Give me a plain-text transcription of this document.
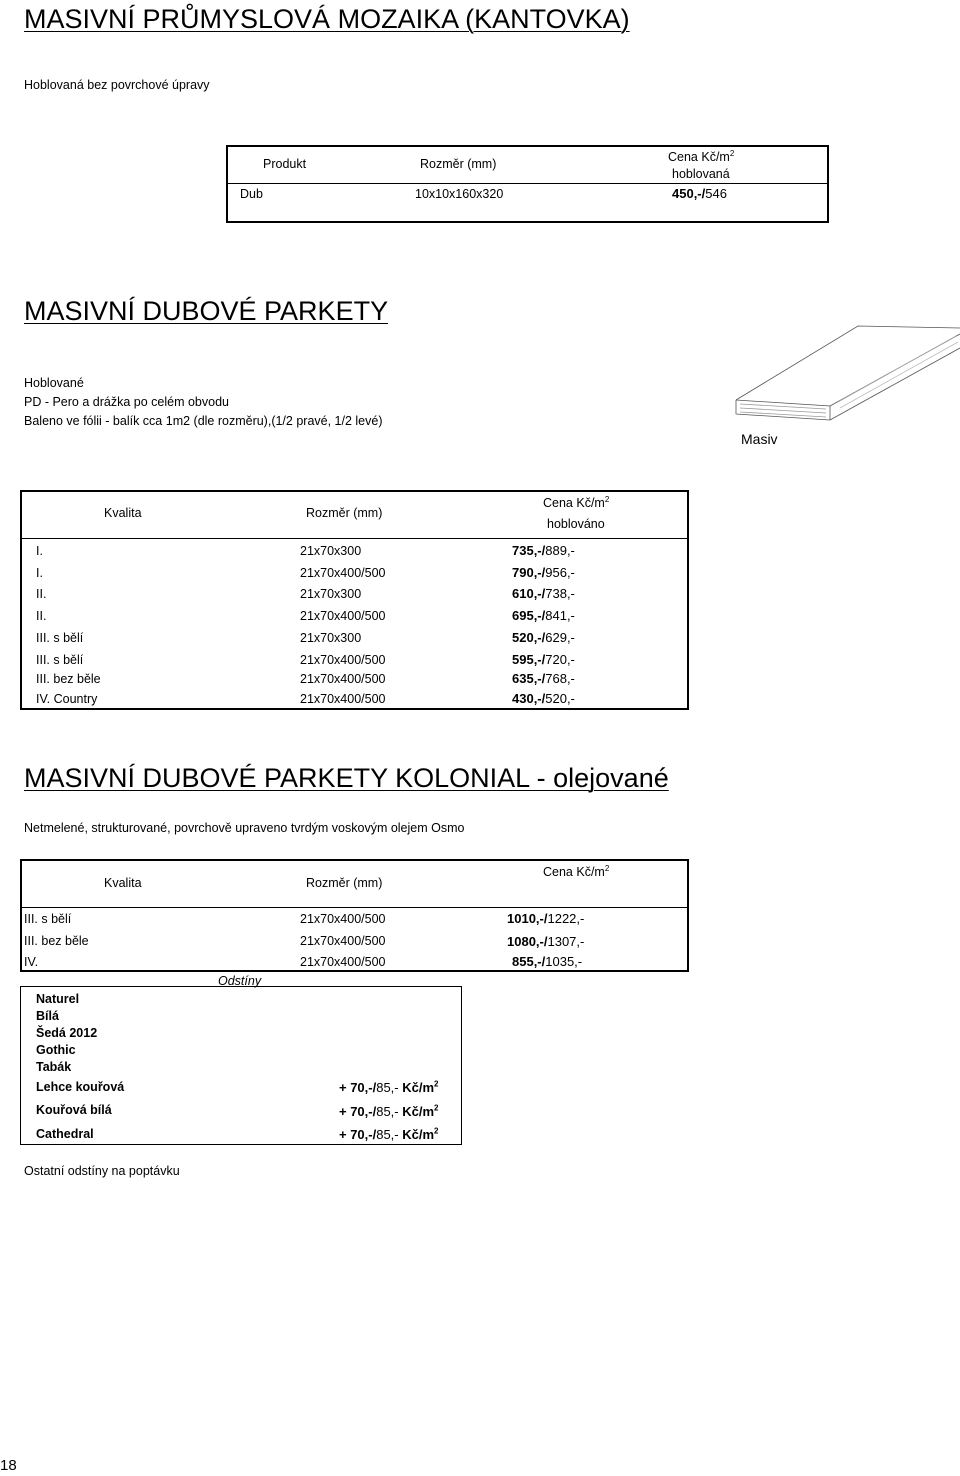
MASIVNÍ PRŮMYSLOVÁ MOZAIKA (KANTOVKA)
Hoblovaná bez povrchové úpravy
Produkt	Rozměr (mm)	Cena $Kč/m^2$
hoblovaná
Dub	10x10x160x320	450,-/546
MASIVNÍ DUBOVÉ PARKETY
Hoblované
PD - Pero a drážka po celém obvodu
Baleno ve fólii - balík cca 1m2 (dle rozměru),(1/2 pravé, 1/2 levé)
Masiv
Kvalita	Rozměr (mm)
Cena $Kč/m^2$
hoblováno
I.	21x70x300	735,-/889,-
I.	21x70x400/500	790,-/956,-
II.	21x70x300	610,-/738,-
II.	21x70x400/500	695,-/841,-
III. s bělí	21x70x300	520,-/629,-
III. s bělí	21x70x400/500	595,-/720,-
III. bez běle	21x70x400/500	635,-/768,-
IV. Country	21x70x400/500	430,-/520,-
MASIVNÍ DUBOVÉ PARKETY KOLONIAL - olejované
Netmelené, strukturované, povrchově upraveno tvrdým voskovým olejem Osmo
Kvalita	Rozměr (mm)
Cena $Kč/m^2$
III. s bělí	21x70x400/500	1010,-/1222,-
III. bez běle	21x70x400/500	1080,-/1307,-
IV.	21x70x400/500	855,-/1035,-
Odstíny
Naturel
Bílá
Šedá 2012
Gothic
Tabák
Lehce kouřová	+ 70,-/85,- $Kč/m^2$
Kouřová bílá	+ 70,-/85,- $Kč/m^2$
Cathedral	+ 70,-/85,- $Kč/m^2$
Ostatní odstíny na poptávku
18
